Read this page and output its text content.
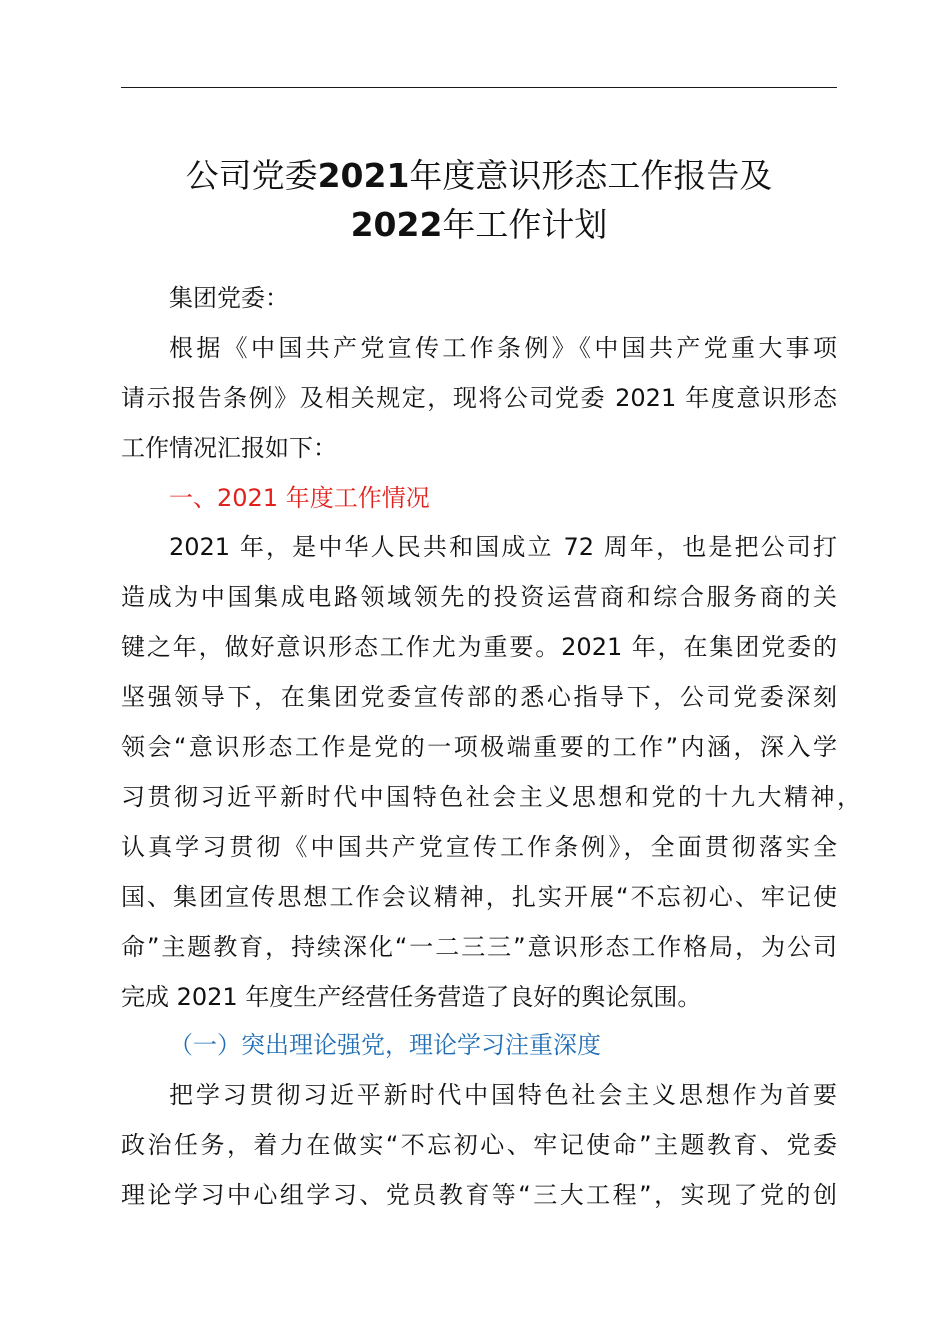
公司党委2021年度意识形态工作报告及
2022年工作计划
集团党委：
根据《中国共产党宣传工作条例》《中国共产党重大事项
请示报告条例》及相关规定，现将公司党委 2021 年度意识形态
工作情况汇报如下：
一、2021 年度工作情况
2021 年，是中华人民共和国成立 72 周年，也是把公司打
造成为中国集成电路领域领先的投资运营商和综合服务商的关
键之年，做好意识形态工作尤为重要。2021 年，在集团党委的
坚强领导下，在集团党委宣传部的悉心指导下，公司党委深刻
领会“意识形态工作是党的一项极端重要的工作”内涵，深入学
习贯彻习近平新时代中国特色社会主义思想和党的十九大精神，
认真学习贯彻《中国共产党宣传工作条例》，全面贯彻落实全
国、集团宣传思想工作会议精神，扎实开展“不忘初心、牢记使
命”主题教育，持续深化“一二三三”意识形态工作格局，为公司
完成 2021 年度生产经营任务营造了良好的舆论氛围。
（一）突出理论强党，理论学习注重深度
把学习贯彻习近平新时代中国特色社会主义思想作为首要
政治任务，着力在做实“不忘初心、牢记使命”主题教育、党委
理论学习中心组学习、党员教育等“三大工程”，实现了党的创
